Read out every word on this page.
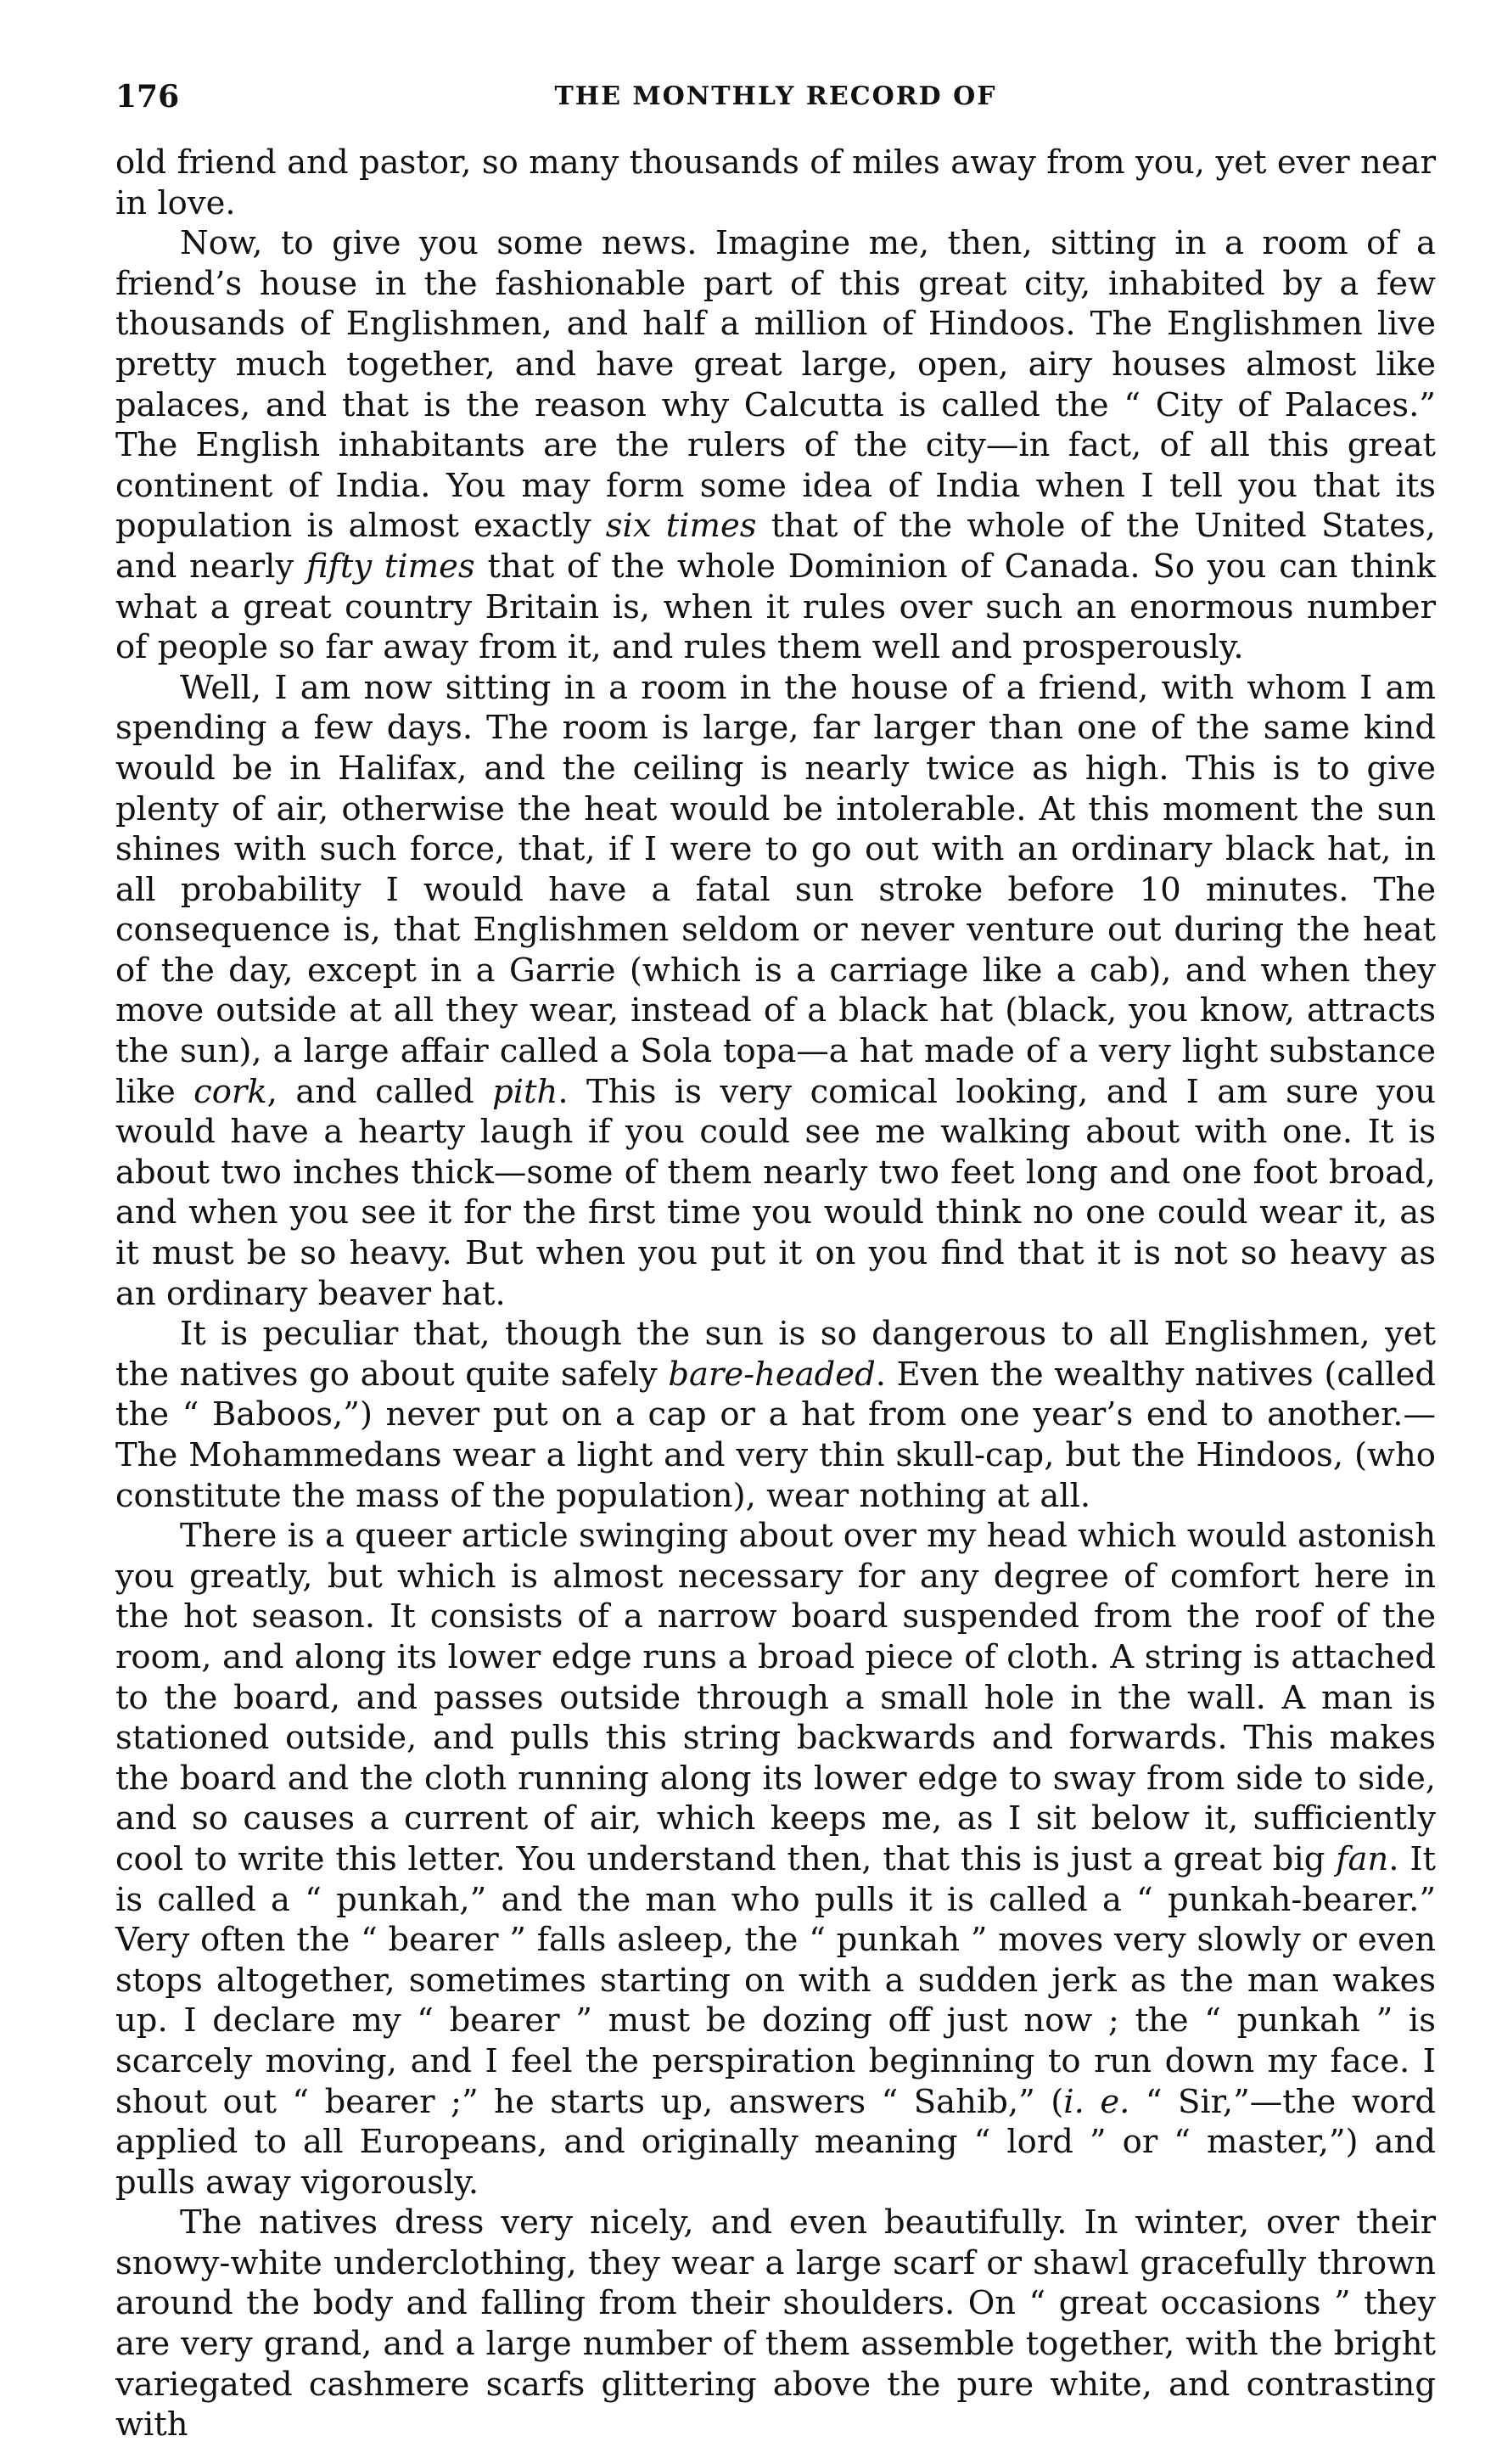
176	THE MONTHLY RECORD OF

old friend and pastor, so many thousands of miles away from you, yet ever near in love.

Now, to give you some news. Imagine me, then, sitting in a room of a friend’s house in the fashionable part of this great city, inhabited by a few thousands of Englishmen, and half a million of Hindoos. The Englishmen live pretty much together, and have great large, open, airy houses almost like palaces, and that is the reason why Calcutta is called the “ City of Palaces.” The English inhabitants are the rulers of the city—in fact, of all this great continent of India. You may form some idea of India when I tell you that its population is almost exactly six times that of the whole of the United States, and nearly fifty times that of the whole Dominion of Canada. So you can think what a great country Britain is, when it rules over such an enormous number of people so far away from it, and rules them well and prosperously.

Well, I am now sitting in a room in the house of a friend, with whom I am spending a few days. The room is large, far larger than one of the same kind would be in Halifax, and the ceiling is nearly twice as high. This is to give plenty of air, otherwise the heat would be intolerable. At this moment the sun shines with such force, that, if I were to go out with an ordinary black hat, in all probability I would have a fatal sun stroke before 10 minutes. The consequence is, that Englishmen seldom or never venture out during the heat of the day, except in a Garrie (which is a carriage like a cab), and when they move outside at all they wear, instead of a black hat (black, you know, attracts the sun), a large affair called a Sola topa—a hat made of a very light substance like cork, and called pith. This is very comical looking, and I am sure you would have a hearty laugh if you could see me walking about with one. It is about two inches thick—some of them nearly two feet long and one foot broad, and when you see it for the first time you would think no one could wear it, as it must be so heavy. But when you put it on you find that it is not so heavy as an ordinary beaver hat.

It is peculiar that, though the sun is so dangerous to all Englishmen, yet the natives go about quite safely bare-headed. Even the wealthy natives (called the “ Baboos,”) never put on a cap or a hat from one year’s end to another.—The Mohammedans wear a light and very thin skull-cap, but the Hindoos, (who constitute the mass of the population), wear nothing at all.

There is a queer article swinging about over my head which would astonish you greatly, but which is almost necessary for any degree of comfort here in the hot season. It consists of a narrow board suspended from the roof of the room, and along its lower edge runs a broad piece of cloth. A string is attached to the board, and passes outside through a small hole in the wall. A man is stationed outside, and pulls this string backwards and forwards. This makes the board and the cloth running along its lower edge to sway from side to side, and so causes a current of air, which keeps me, as I sit below it, sufficiently cool to write this letter. You understand then, that this is just a great big fan. It is called a “ punkah,” and the man who pulls it is called a “ punkah-bearer.” Very often the “ bearer ” falls asleep, the “ punkah ” moves very slowly or even stops altogether, sometimes starting on with a sudden jerk as the man wakes up. I declare my “ bearer ” must be dozing off just now ; the “ punkah ” is scarcely moving, and I feel the perspiration beginning to run down my face. I shout out “ bearer ;” he starts up, answers “ Sahib,” (i. e. “ Sir,”—the word applied to all Europeans, and originally meaning “ lord ” or “ master,”) and pulls away vigorously.

The natives dress very nicely, and even beautifully. In winter, over their snowy-white underclothing, they wear a large scarf or shawl gracefully thrown around the body and falling from their shoulders. On “ great occasions ” they are very grand, and a large number of them assemble together, with the bright variegated cashmere scarfs glittering above the pure white, and contrasting with
